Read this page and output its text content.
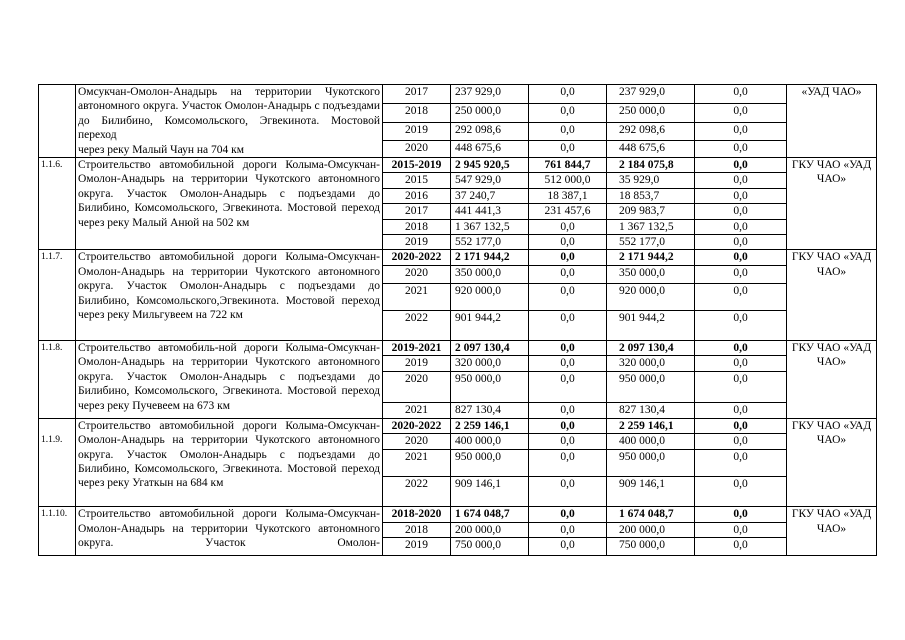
	Омсукчан-Омолон-Анадырь на территории Чукотского автономного округа. Участок Омолон-Анадырь с подъездами до Билибино, Комсомольского, Эгвекинота. Мостовой переход
через реку Малый Чаун на 704 км	2017	237 929,0	0,0	237 929,0	0,0	«УАД ЧАО»
		2018	250 000,0	0,0	250 000,0	0,0	
		2019	292 098,6	0,0	292 098,6	0,0	
		2020	448 675,6	0,0	448 675,6	0,0	
1.1.6.	Строительство автомобильной дороги Колыма-Омсукчан-Омолон-Анадырь на территории Чукотского автономного округа. Участок Омолон-Анадырь с подъездами до Билибино, Комсомольского, Эгвекинота. Мостовой переход
через реку Малый Анюй на 502 км	2015-2019	2 945 920,5	761 844,7	2 184 075,8	0,0	ГКУ ЧАО «УАД ЧАО»
		2015	547 929,0	512 000,0	35 929,0	0,0	
		2016	37 240,7	18 387,1	18 853,7	0,0	
		2017	441 441,3	231 457,6	209 983,7	0,0	
		2018	1 367 132,5	0,0	1 367 132,5	0,0	
		2019	552 177,0	0,0	552 177,0	0,0	
1.1.7.	Строительство автомобильной дороги Колыма-Омсукчан-Омолон-Анадырь на территории Чукотского автономного округа. Участок Омолон-Анадырь с подъездами до Билибино, Комсомольского,Эгвекинота. Мостовой переход
через реку Мильгувеем на 722 км	2020-2022	2 171 944,2	0,0	2 171 944,2	0,0	ГКУ ЧАО «УАД ЧАО»
		2020	350 000,0	0,0	350 000,0	0,0	
		2021	920 000,0	0,0	920 000,0	0,0	
		2022	901 944,2	0,0	901 944,2	0,0	
1.1.8.	Строительство автомобиль-ной дороги Колыма-Омсукчан-Омолон-Анадырь на территории Чукотского автономного округа. Участок Омолон-Анадырь с подъездами до Билибино, Комсомольского, Эгвекинота. Мостовой переход
через реку Пучевеем на 673 км	2019-2021	2 097 130,4	0,0	2 097 130,4	0,0	ГКУ ЧАО «УАД ЧАО»
		2019	320 000,0	0,0	320 000,0	0,0	
		2020	950 000,0	0,0	950 000,0	0,0	
		2021	827 130,4	0,0	827 130,4	0,0	
1.1.9.	Строительство автомобильной дороги Колыма-Омсукчан-Омолон-Анадырь на территории Чукотского автономного округа. Участок Омолон-Анадырь с подъездами до Билибино, Комсомольского, Эгвекинота. Мостовой переход
через реку Угаткын на 684 км	2020-2022	2 259 146,1	0,0	2 259 146,1	0,0	ГКУ ЧАО «УАД ЧАО»
		2020	400 000,0	0,0	400 000,0	0,0	
		2021	950 000,0	0,0	950 000,0	0,0	
		2022	909 146,1	0,0	909 146,1	0,0	
1.1.10.	Строительство автомобильной дороги Колыма-Омсукчан-Омолон-Анадырь на территории Чукотского автономного округа. Участок Омолон-	2018-2020	1 674 048,7	0,0	1 674 048,7	0,0	ГКУ ЧАО «УАД ЧАО»
		2018	200 000,0	0,0	200 000,0	0,0	
		2019	750 000,0	0,0	750 000,0	0,0	
